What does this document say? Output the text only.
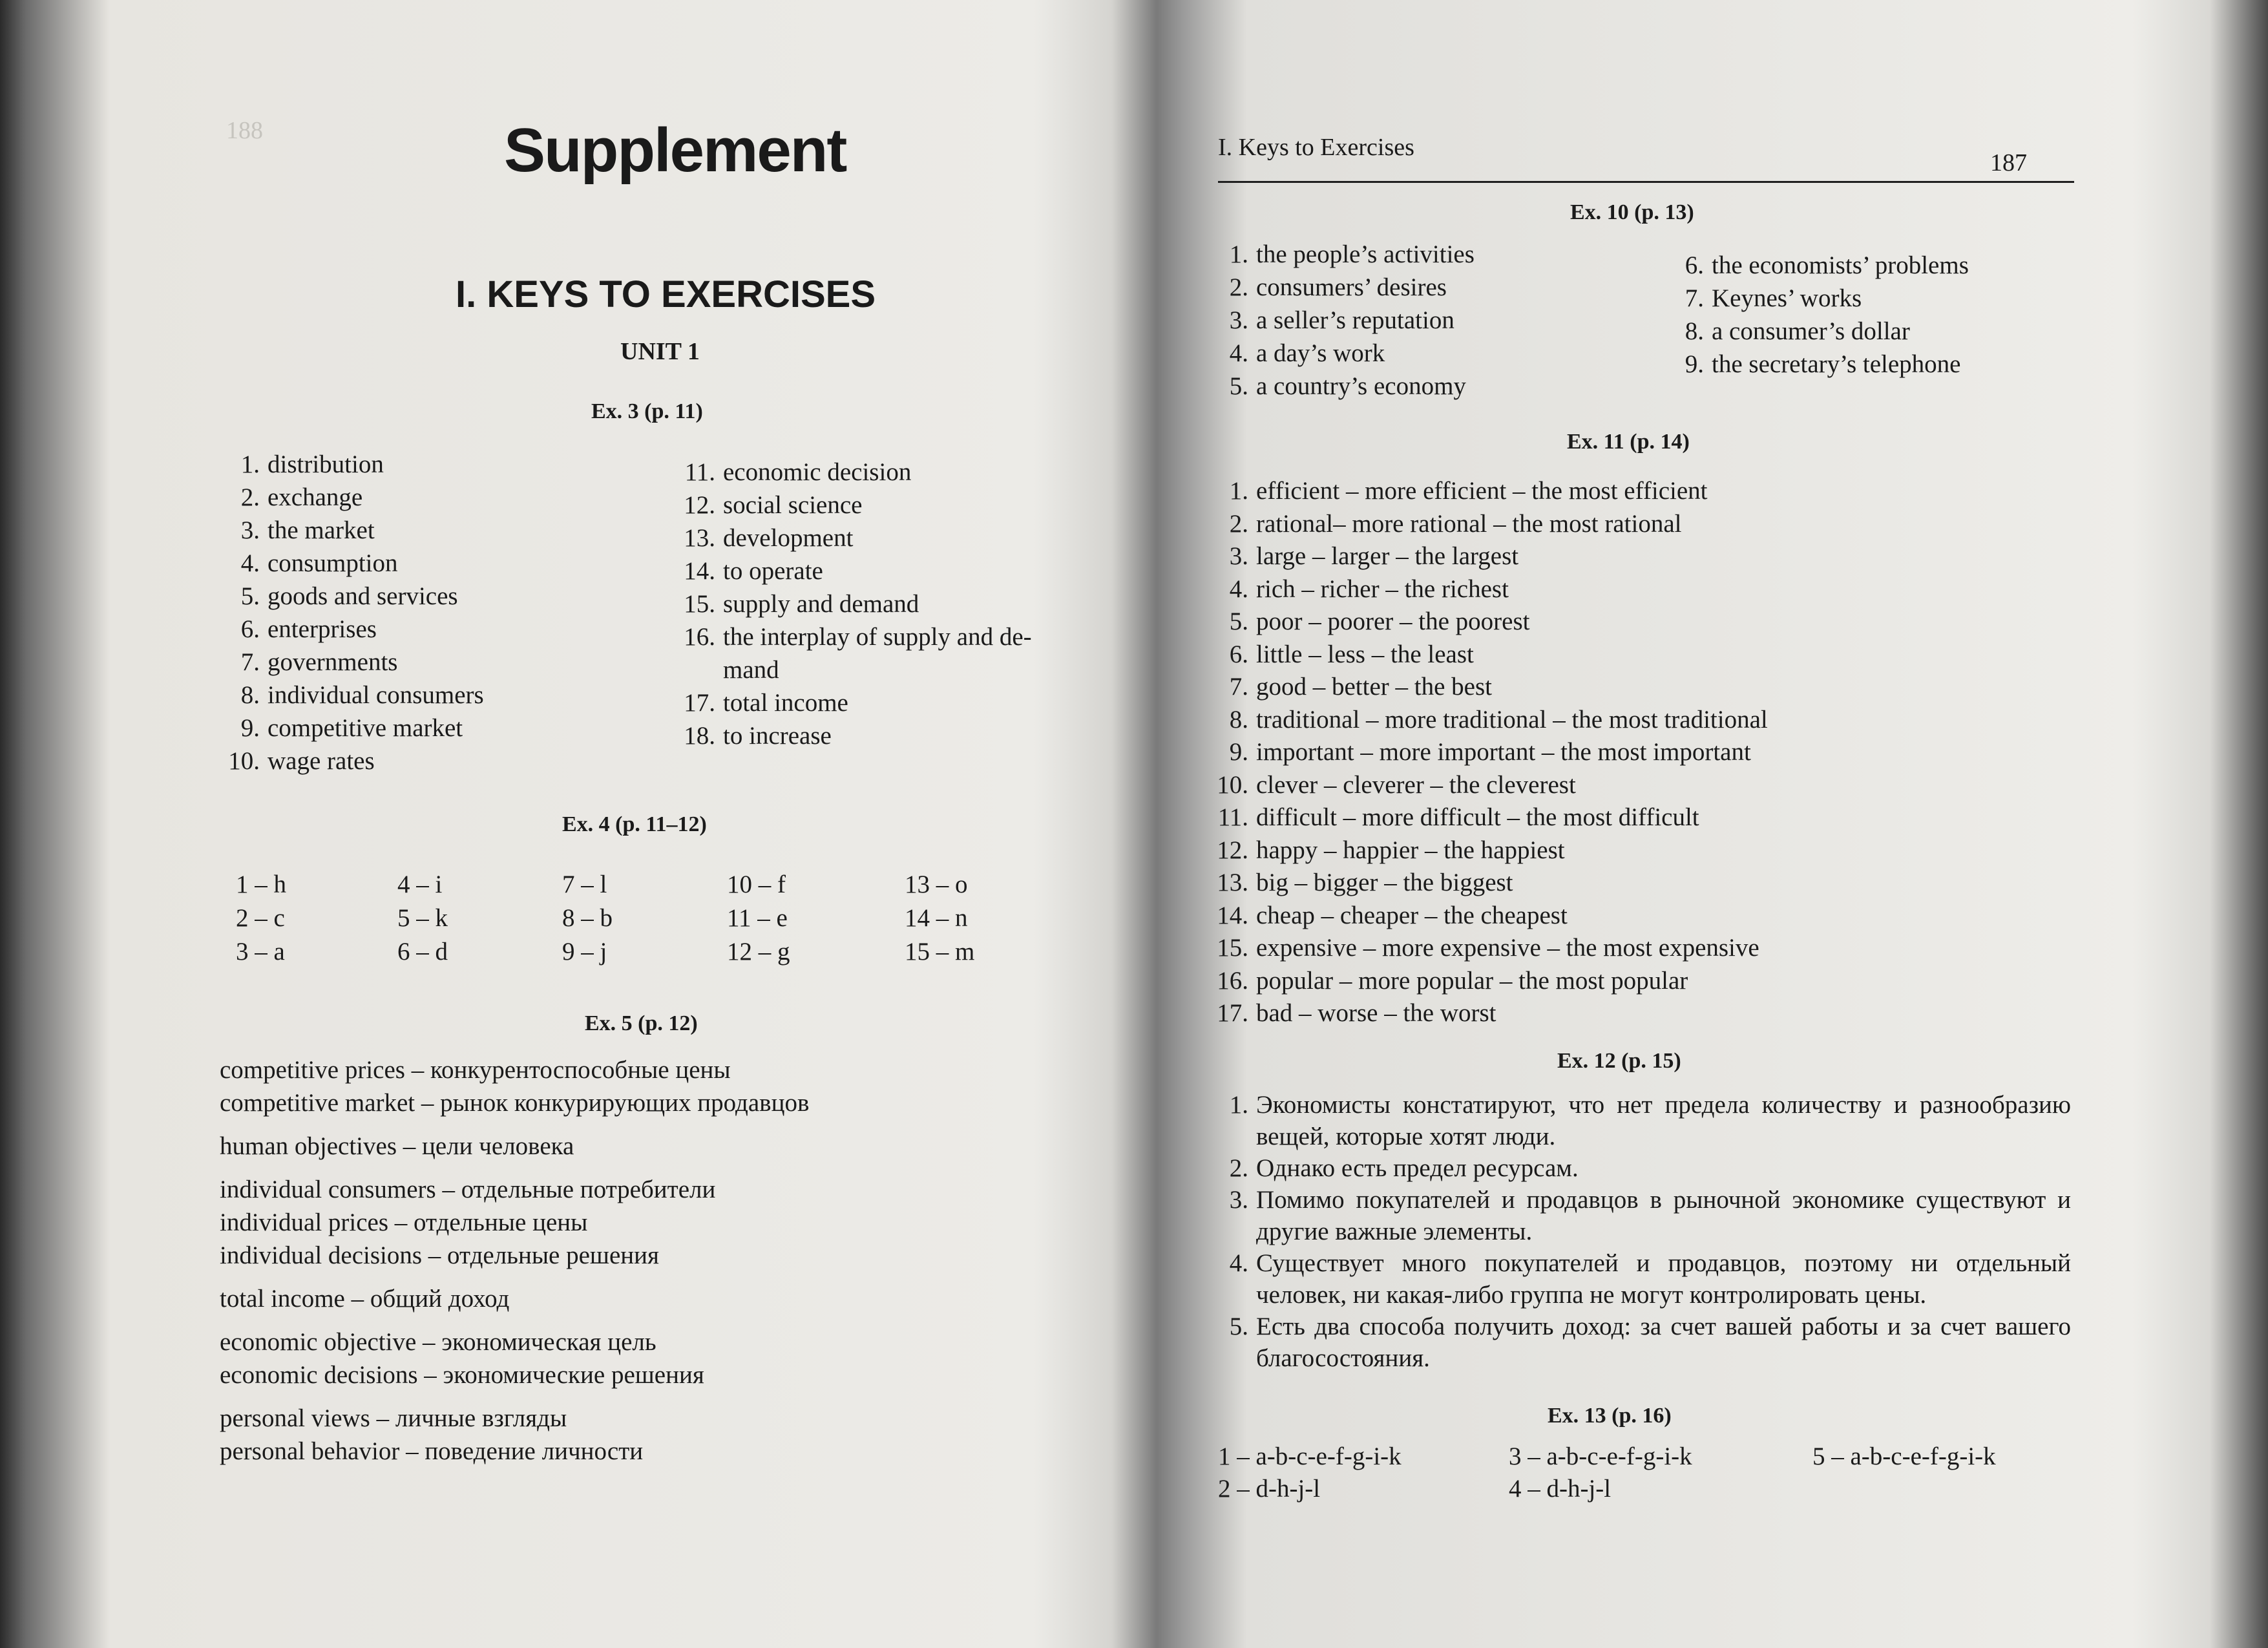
188	Supplement
I. KEYS TO EXERCISES
UNIT 1
Ex. 3 (p. 11)
1. distribution
2. exchange
3. the market
4. consumption
5. goods and services
6. enterprises
7. governments
8. individual consumers
9. competitive market
10. wage rates
11. economic decision
12. social science
13. development
14. to operate
15. supply and demand
16. the interplay of supply and de-
mand
17. total income
18. to increase
Ex. 4 (p. 11–12)
1 – h	4 – i	7 – l	10 – f	13 – o
2 – c	5 – k	8 – b	11 – e	14 – n
3 – a	6 – d	9 – j	12 – g	15 – m
Ex. 5 (p. 12)
competitive prices – конкурентоспособные цены
competitive market – рынок конкурирующих продавцов
human objectives – цели человека
individual consumers – отдельные потребители
individual prices – отдельные цены
individual decisions – отдельные решения
total income – общий доход
economic objective – экономическая цель
economic decisions – экономические решения
personal views – личные взгляды
personal behavior – поведение личности
I. Keys to Exercises
187
Ex. 10 (p. 13)
1. the people’s activities
2. consumers’ desires
3. a seller’s reputation
4. a day’s work
5. a country’s economy
6. the economists’ problems
7. Keynes’ works
8. a consumer’s dollar
9. the secretary’s telephone
Ex. 11 (p. 14)
1. efficient – more efficient – the most efficient
2. rational– more rational – the most rational
3. large – larger – the largest
4. rich – richer – the richest
5. poor – poorer – the poorest
6. little – less – the least
7. good – better – the best
8. traditional – more traditional – the most traditional
9. important – more important – the most important
10. clever – cleverer – the cleverest
11. difficult – more difficult – the most difficult
12. happy – happier – the happiest
13. big – bigger – the biggest
14. cheap – cheaper – the cheapest
15. expensive – more expensive – the most expensive
16. popular – more popular – the most popular
17. bad – worse – the worst
Ex. 12 (p. 15)
1. Экономисты констатируют, что нет предела количеству и разнообразию вещей, которые хотят люди.
2. Однако есть предел ресурсам.
3. Помимо покупателей и продавцов в рыночной экономике существуют и другие важные элементы.
4. Существует много покупателей и продавцов, поэтому ни отдельный человек, ни какая-либо группа не могут контролировать цены.
5. Есть два способа получить доход: за счет вашей работы и за счет вашего благосостояния.
Ex. 13 (p. 16)
1 – a-b-c-e-f-g-i-k
2 – d-h-j-l
3 – a-b-c-e-f-g-i-k
4 – d-h-j-l
5 – a-b-c-e-f-g-i-k
